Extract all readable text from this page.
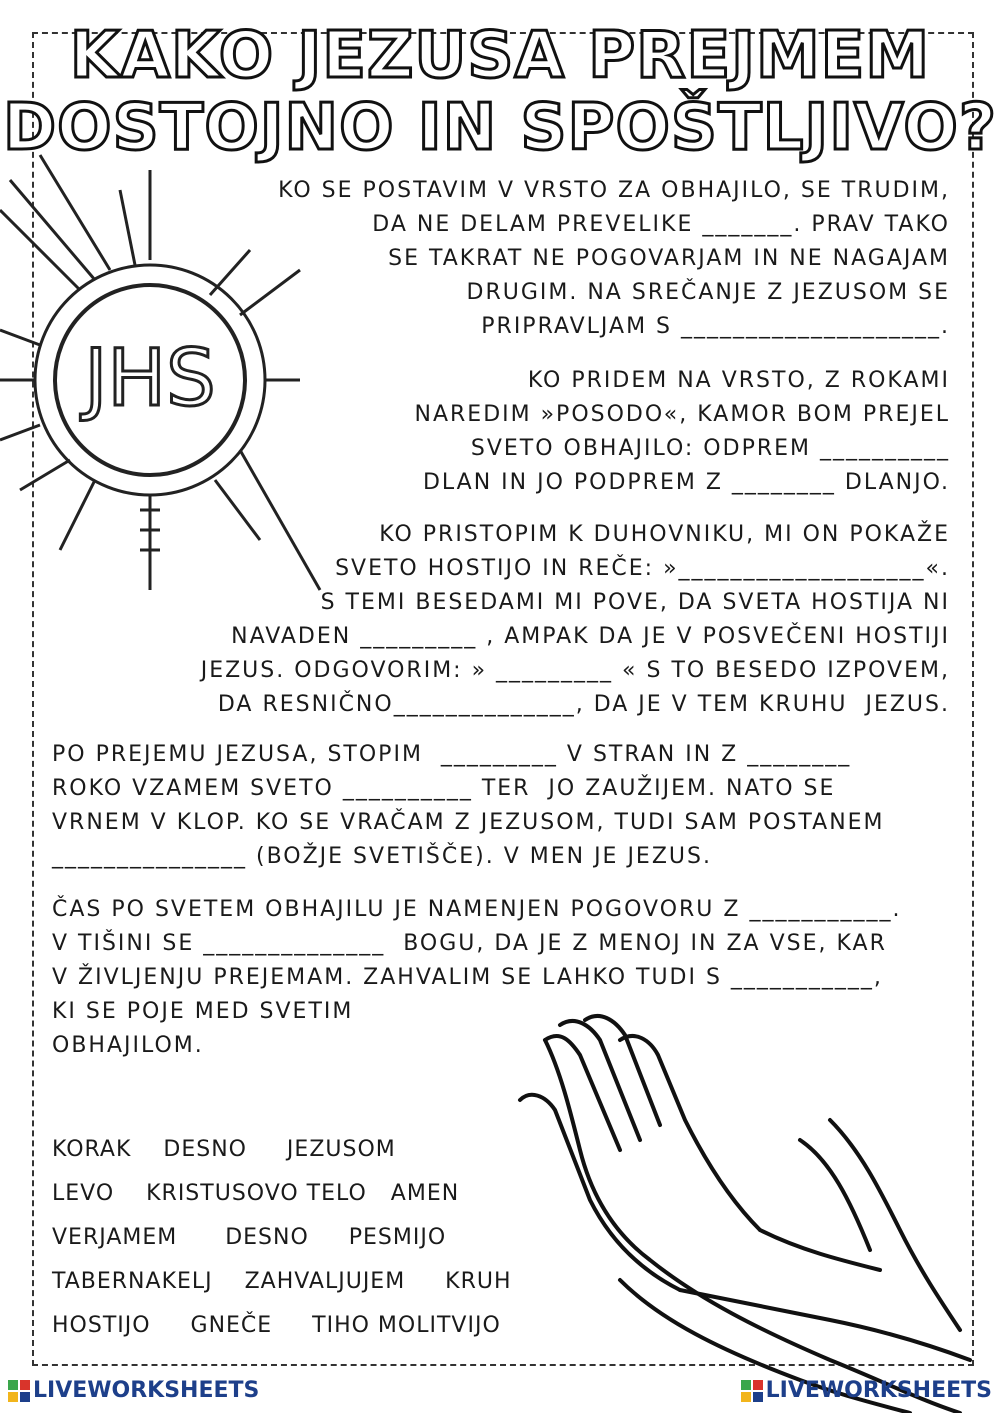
KAKO JEZUSA PREJMEM
DOSTOJNO IN SPOŠTLJIVO?
JHS
KO SE POSTAVIM V VRSTO ZA OBHAJILO, SE TRUDIM,
DA NE DELAM PREVELIKE _______. PRAV TAKO
SE TAKRAT NE POGOVARJAM IN NE NAGAJAM
DRUGIM. NA SREČANJE Z JEZUSOM SE
PRIPRAVLJAM S ____________________.
KO PRIDEM NA VRSTO, Z ROKAMI
NAREDIM »POSODO«, KAMOR BOM PREJEL
SVETO OBHAJILO: ODPREM __________
DLAN IN JO PODPREM Z ________ DLANJO.
KO PRISTOPIM K DUHOVNIKU, MI ON POKAŽE
SVETO HOSTIJO IN REČE: »___________________«.
S TEMI BESEDAMI MI POVE, DA SVETA HOSTIJA NI
NAVADEN _________ , AMPAK DA JE V POSVEČENI HOSTIJI
JEZUS. ODGOVORIM: » _________ « S TO BESEDO IZPOVEM,
DA RESNIČNO______________, DA JE V TEM KRUHU  JEZUS.
PO PREJEMU JEZUSA, STOPIM  _________ V STRAN IN Z ________
ROKO VZAMEM SVETO __________ TER  JO ZAUŽIJEM. NATO SE
VRNEM V KLOP. KO SE VRAČAM Z JEZUSOM, TUDI SAM POSTANEM
_______________ (BOŽJE SVETIŠČE). V MEN JE JEZUS.
ČAS PO SVETEM OBHAJILU JE NAMENJEN POGOVORU Z ___________.
V TIŠINI SE ______________  BOGU, DA JE Z MENOJ IN ZA VSE, KAR
V ŽIVLJENJU PREJEMAM. ZAHVALIM SE LAHKO TUDI S ___________,
KI SE POJE MED SVETIM
OBHAJILOM.
KORAK    DESNO     JEZUSOM
LEVO    KRISTUSOVO TELO   AMEN
VERJAMEM      DESNO     PESMIJO
TABERNAKELJ    ZAHVALJUJEM     KRUH
HOSTIJO     GNEČE     TIHO MOLITVIJO
LIVEWORKSHEETS	LIVEWORKSHEETS
